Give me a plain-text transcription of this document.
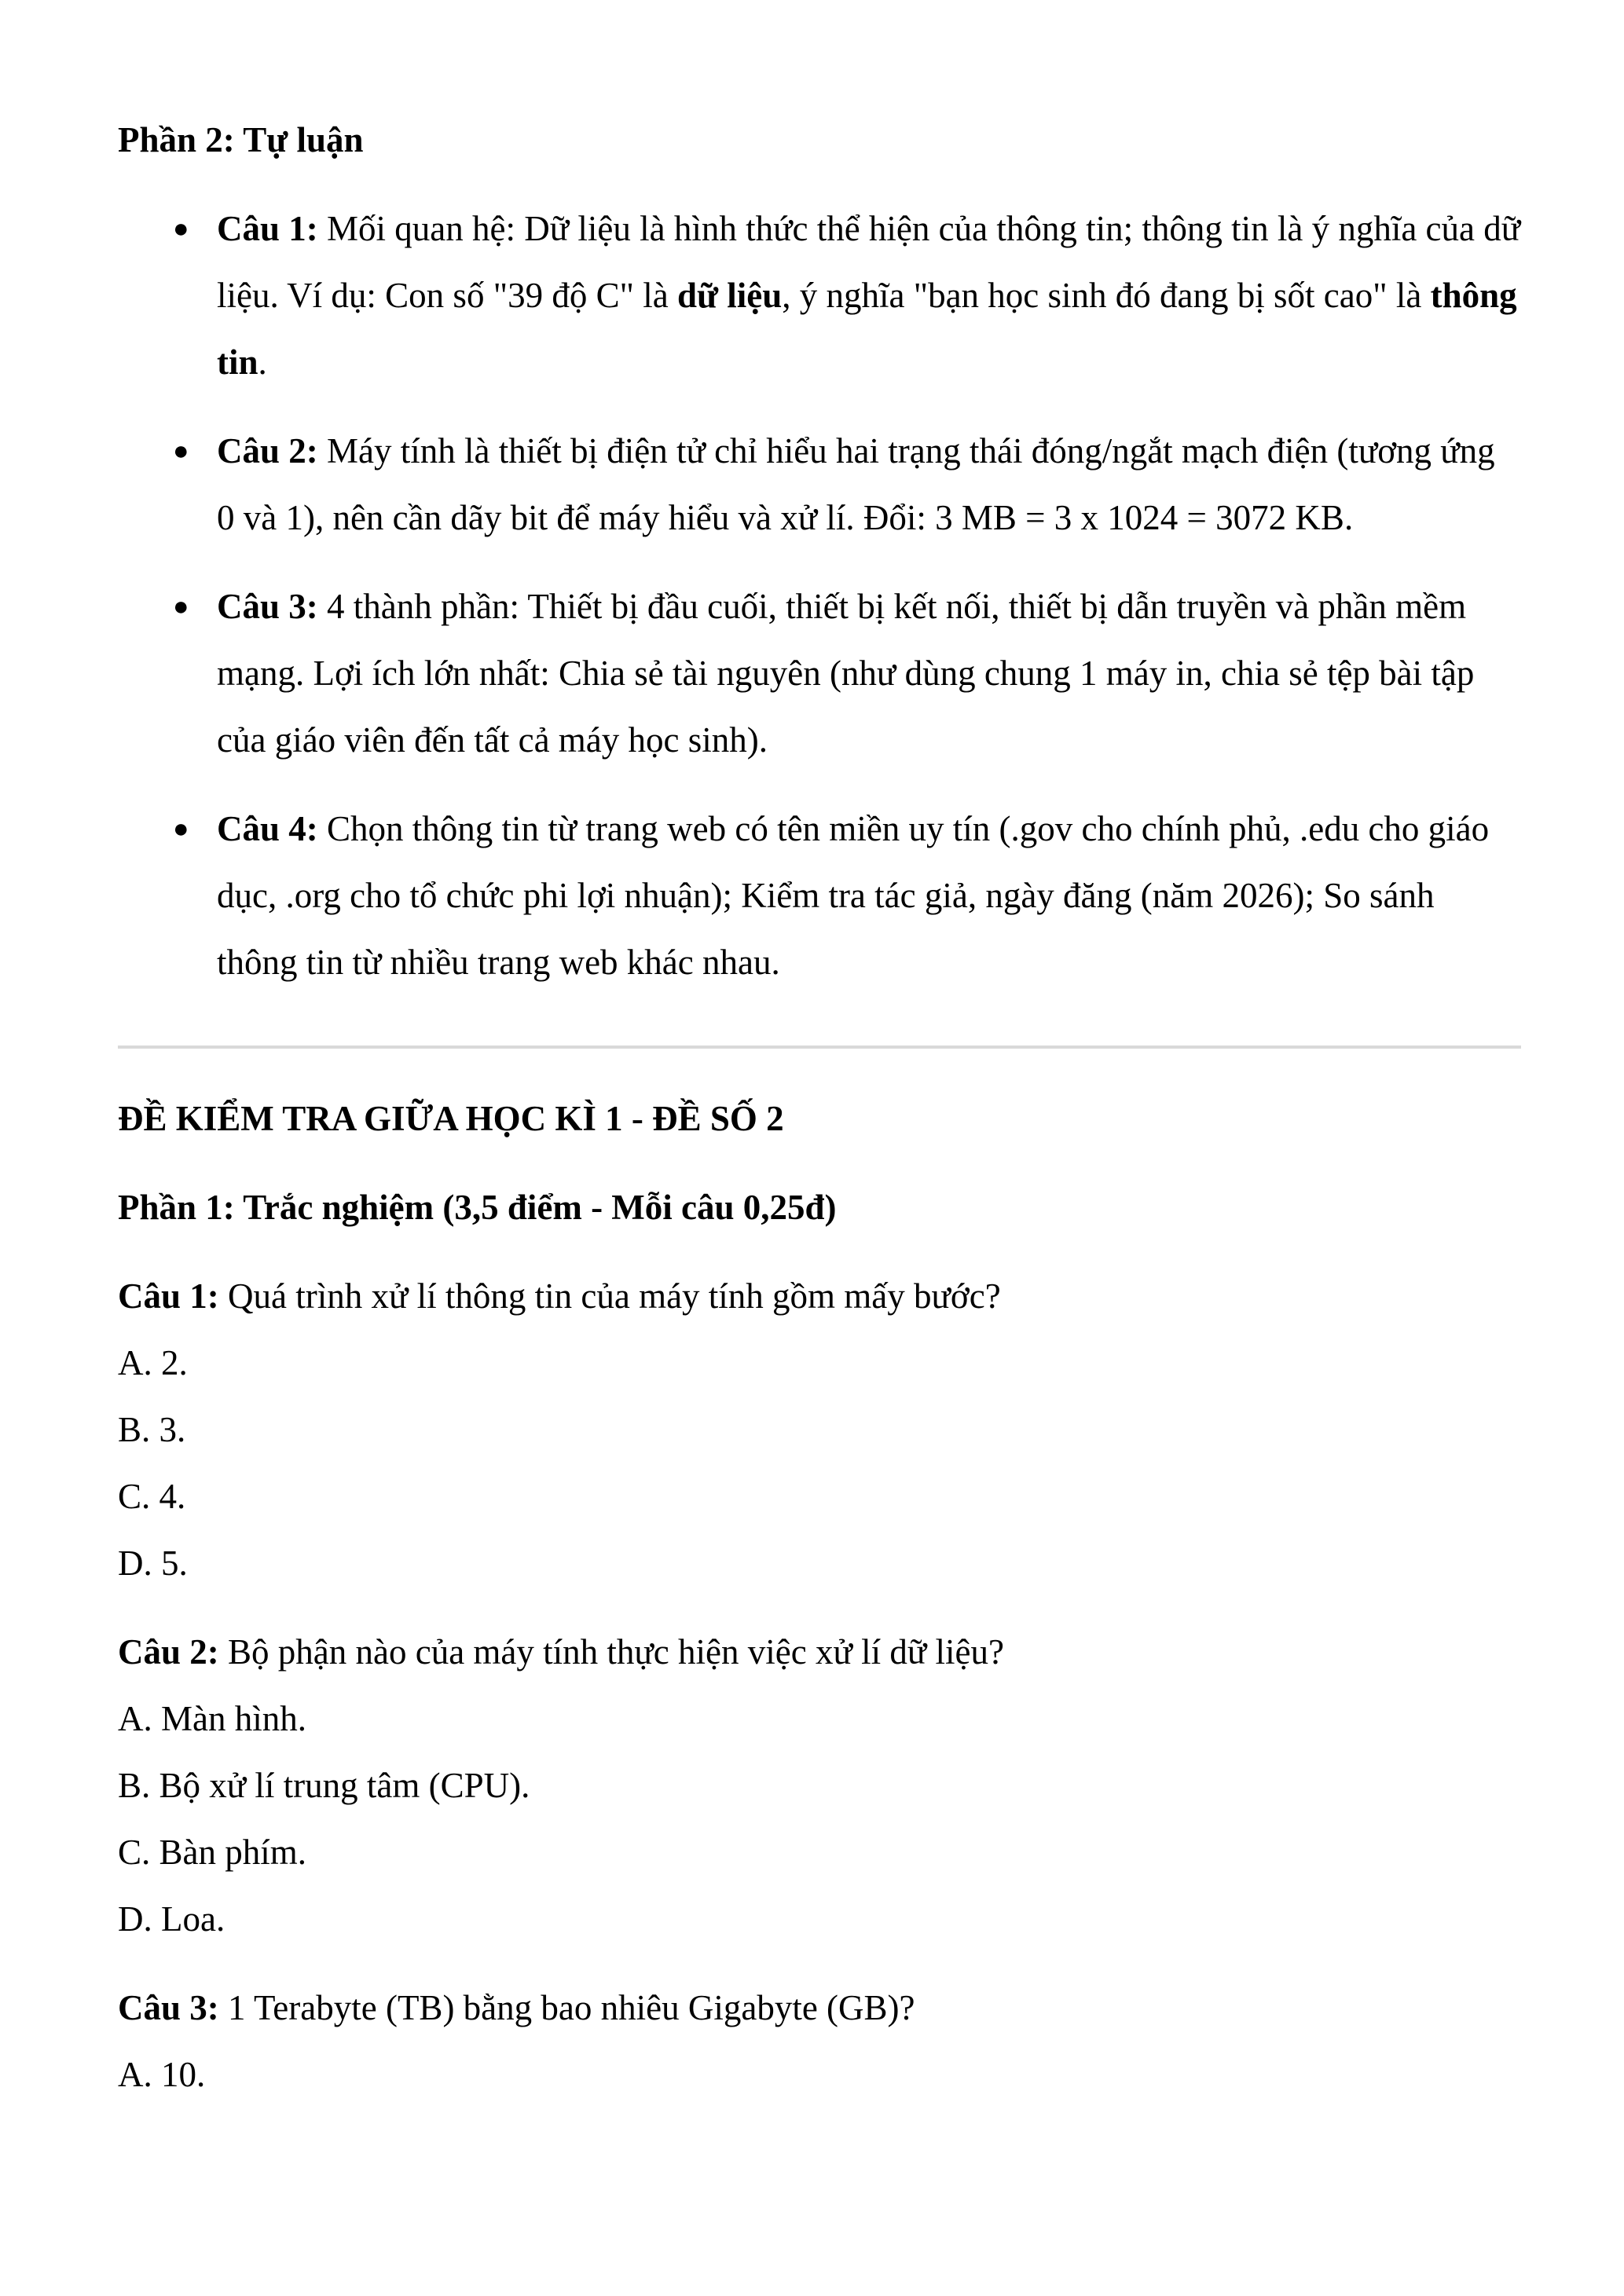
Phần 2: Tự luận

● Câu 1: Mối quan hệ: Dữ liệu là hình thức thể hiện của thông tin; thông tin là ý nghĩa của dữ liệu. Ví dụ: Con số "39 độ C" là dữ liệu, ý nghĩa "bạn học sinh đó đang bị sốt cao" là thông tin.
● Câu 2: Máy tính là thiết bị điện tử chỉ hiểu hai trạng thái đóng/ngắt mạch điện (tương ứng 0 và 1), nên cần dãy bit để máy hiểu và xử lí. Đổi: 3 MB = 3 x 1024 = 3072 KB.
● Câu 3: 4 thành phần: Thiết bị đầu cuối, thiết bị kết nối, thiết bị dẫn truyền và phần mềm mạng. Lợi ích lớn nhất: Chia sẻ tài nguyên (như dùng chung 1 máy in, chia sẻ tệp bài tập của giáo viên đến tất cả máy học sinh).
● Câu 4: Chọn thông tin từ trang web có tên miền uy tín (.gov cho chính phủ, .edu cho giáo dục, .org cho tổ chức phi lợi nhuận); Kiểm tra tác giả, ngày đăng (năm 2026); So sánh thông tin từ nhiều trang web khác nhau.

ĐỀ KIỂM TRA GIỮA HỌC KÌ 1 - ĐỀ SỐ 2

Phần 1: Trắc nghiệm (3,5 điểm - Mỗi câu 0,25đ)

Câu 1: Quá trình xử lí thông tin của máy tính gồm mấy bước?
A. 2.
B. 3.
C. 4.
D. 5.
Câu 2: Bộ phận nào của máy tính thực hiện việc xử lí dữ liệu?
A. Màn hình.
B. Bộ xử lí trung tâm (CPU).
C. Bàn phím.
D. Loa.
Câu 3: 1 Terabyte (TB) bằng bao nhiêu Gigabyte (GB)?
A. 10.
